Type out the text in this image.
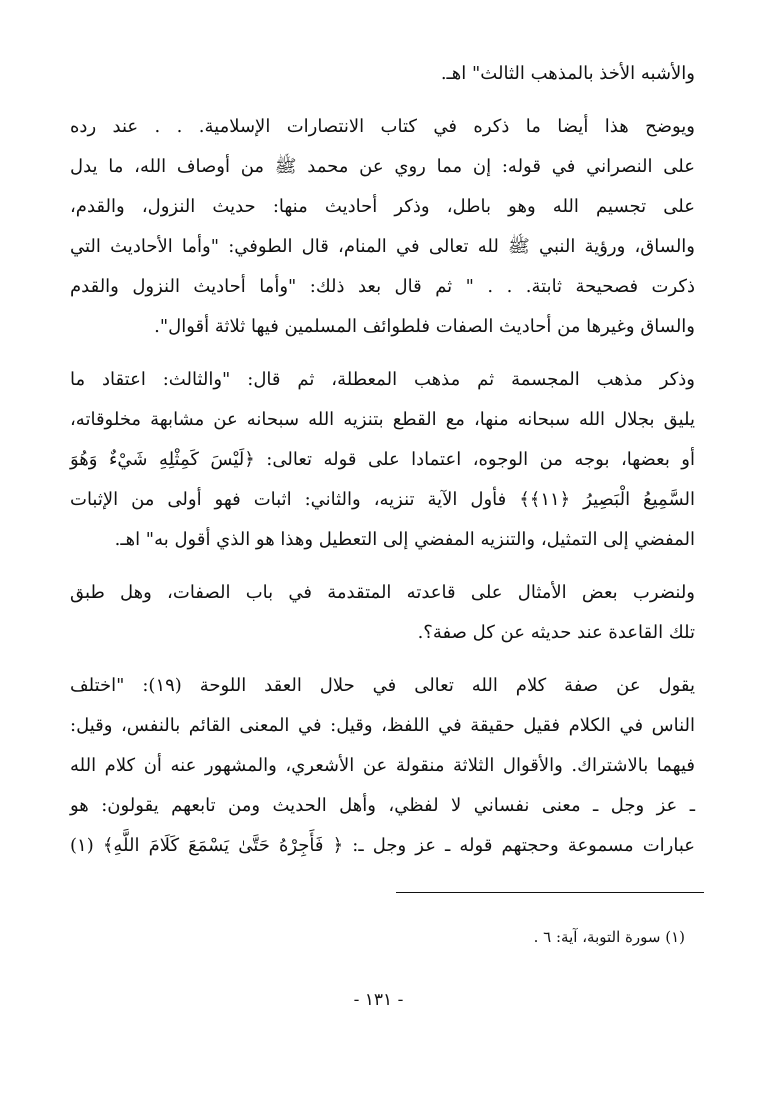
والأشبه الأخذ بالمذهب الثالث" اهـ.
ويوضح هذا أيضا ما ذكره في كتاب الانتصارات الإسلامية. . . عند رده
على النصراني في قوله: إن مما روي عن محمد ﷺ من أوصاف الله، ما يدل
على تجسيم الله وهو باطل، وذكر أحاديث منها: حديث النزول، والقدم،
والساق، ورؤية النبي ﷺ لله تعالى في المنام، قال الطوفي: "وأما الأحاديث التي
ذكرت فصحيحة ثابتة. . . " ثم قال بعد ذلك: "وأما أحاديث النزول والقدم
والساق وغيرها من أحاديث الصفات فلطوائف المسلمين فيها ثلاثة أقوال".
وذكر مذهب المجسمة ثم مذهب المعطلة، ثم قال: "والثالث: اعتقاد ما
يليق بجلال الله سبحانه منها، مع القطع بتنزيه الله سبحانه عن مشابهة مخلوقاته،
أو بعضها، بوجه من الوجوه، اعتمادا على قوله تعالى: ﴿لَيْسَ كَمِثْلِهِ شَيْءٌ وَهُوَ
السَّمِيعُ الْبَصِيرُ ﴿١١﴾﴾ فأول الآية تنزيه، والثاني: اثبات فهو أولى من الإثبات
المفضي إلى التمثيل، والتنزيه المفضي إلى التعطيل وهذا هو الذي أقول به" اهـ.
ولنضرب بعض الأمثال على قاعدته المتقدمة في باب الصفات، وهل طبق
تلك القاعدة عند حديثه عن كل صفة؟.
يقول عن صفة كلام الله تعالى في حلال العقد اللوحة (١٩): "اختلف
الناس في الكلام فقيل حقيقة في اللفظ، وقيل: في المعنى القائم بالنفس، وقيل:
فيهما بالاشتراك. والأقوال الثلاثة منقولة عن الأشعري، والمشهور عنه أن كلام الله
ـ عز وجل ـ معنى نفساني لا لفظي، وأهل الحديث ومن تابعهم يقولون: هو
عبارات مسموعة وحجتهم قوله ـ عز وجل ـ: ﴿ فَأَجِرْهُ حَتَّىٰ يَسْمَعَ كَلَامَ اللَّهِ﴾ (١)
(١) سورة التوبة، آية: ٦ .
- ١٣١ -
